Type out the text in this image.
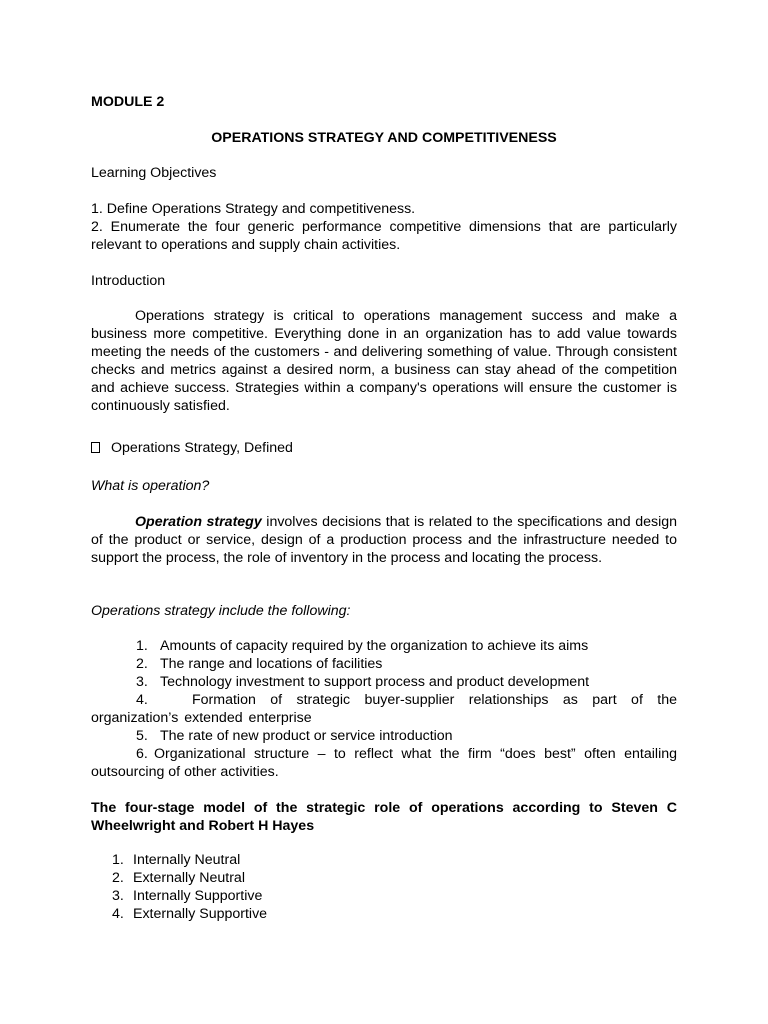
MODULE 2
OPERATIONS STRATEGY AND COMPETITIVENESS
Learning Objectives
1. Define Operations Strategy and competitiveness.
2. Enumerate the four generic performance competitive dimensions that are particularly relevant to operations and supply chain activities.
Introduction
Operations strategy is critical to operations management success and make a business more competitive. Everything done in an organization has to add value towards meeting the needs of the customers - and delivering something of value. Through consistent checks and metrics against a desired norm, a business can stay ahead of the competition and achieve success. Strategies within a company's operations will ensure the customer is continuously satisfied.
Operations Strategy, Defined
What is operation?
Operation strategy involves decisions that is related to the specifications and design of the product or service, design of a production process and the infrastructure needed to support the process, the role of inventory in the process and locating the process.
Operations strategy include the following:
1. Amounts of capacity required by the organization to achieve its aims
2. The range and locations of facilities
3. Technology investment to support process and product development
4.	Formation of strategic buyer-supplier relationships as part of the organization’s extended enterprise
5. The rate of new product or service introduction
6. Organizational structure – to reflect what the firm “does best” often entailing outsourcing of other activities.
The four-stage model of the strategic role of operations according to Steven C Wheelwright and Robert H Hayes
1. Internally Neutral
2. Externally Neutral
3. Internally Supportive
4. Externally Supportive
